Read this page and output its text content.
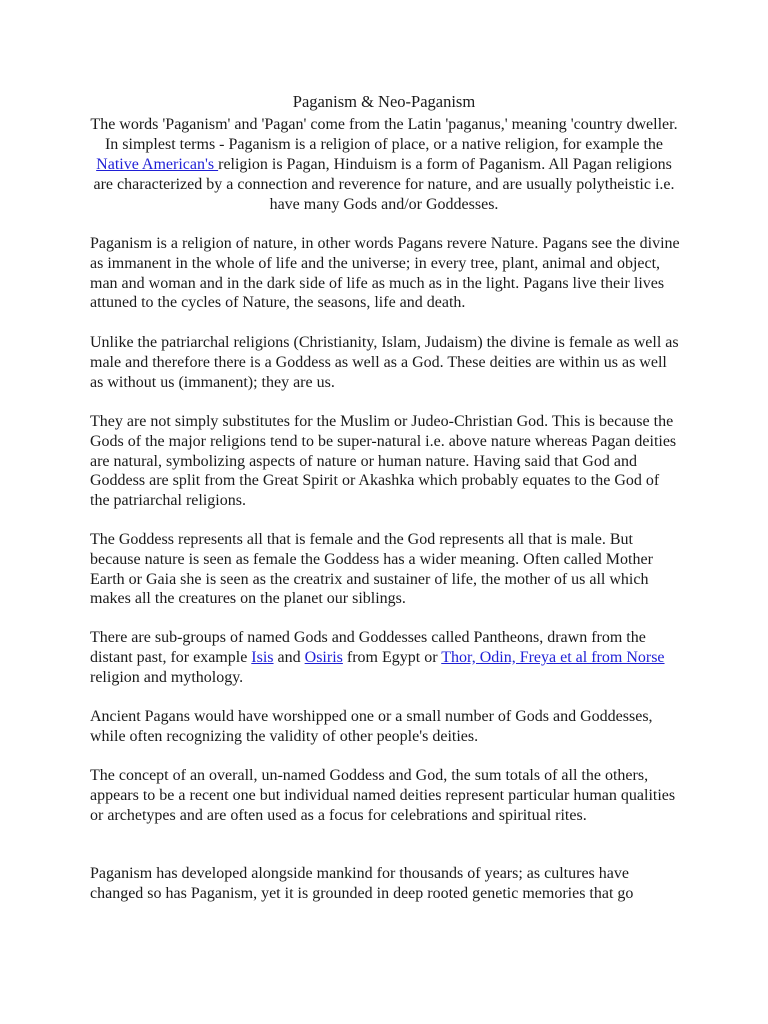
Paganism & Neo-Paganism
The words 'Paganism' and 'Pagan' come from the Latin 'paganus,' meaning 'country dweller. In simplest terms - Paganism is a religion of place, or a native religion, for example the Native American's religion is Pagan, Hinduism is a form of Paganism. All Pagan religions are characterized by a connection and reverence for nature, and are usually polytheistic i.e. have many Gods and/or Goddesses.

Paganism is a religion of nature, in other words Pagans revere Nature. Pagans see the divine as immanent in the whole of life and the universe; in every tree, plant, animal and object, man and woman and in the dark side of life as much as in the light. Pagans live their lives attuned to the cycles of Nature, the seasons, life and death.

Unlike the patriarchal religions (Christianity, Islam, Judaism) the divine is female as well as male and therefore there is a Goddess as well as a God. These deities are within us as well as without us (immanent); they are us.

They are not simply substitutes for the Muslim or Judeo-Christian God. This is because the Gods of the major religions tend to be super-natural i.e. above nature whereas Pagan deities are natural, symbolizing aspects of nature or human nature. Having said that God and Goddess are split from the Great Spirit or Akashka which probably equates to the God of the patriarchal religions.

The Goddess represents all that is female and the God represents all that is male. But because nature is seen as female the Goddess has a wider meaning. Often called Mother Earth or Gaia she is seen as the creatrix and sustainer of life, the mother of us all which makes all the creatures on the planet our siblings.

There are sub-groups of named Gods and Goddesses called Pantheons, drawn from the distant past, for example Isis and Osiris from Egypt or Thor, Odin, Freya et al from Norse religion and mythology.

Ancient Pagans would have worshipped one or a small number of Gods and Goddesses, while often recognizing the validity of other people's deities.

The concept of an overall, un-named Goddess and God, the sum totals of all the others, appears to be a recent one but individual named deities represent particular human qualities or archetypes and are often used as a focus for celebrations and spiritual rites.

Paganism has developed alongside mankind for thousands of years; as cultures have changed so has Paganism, yet it is grounded in deep rooted genetic memories that go
